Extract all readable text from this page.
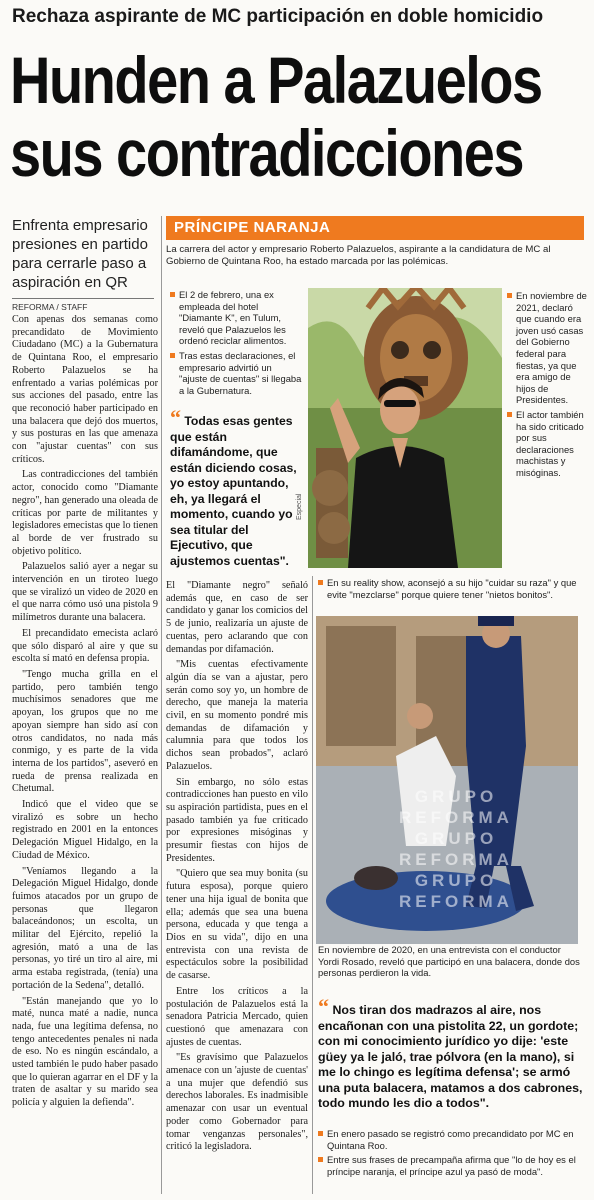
Rechaza aspirante de MC participación en doble homicidio
Hunden a Palazuelos
sus contradicciones
Enfrenta empresario presiones en partido para cerrarle paso a aspiración en QR
REFORMA / STAFF

Con apenas dos semanas como precandidato de Movimiento Ciudadano (MC) a la Gubernatura de Quintana Roo, el empresario Roberto Palazuelos se ha enfrentado a varias polémicas por sus acciones del pasado, entre las que reconoció haber participado en una balacera que dejó dos muertos, y sus posturas en las que amenaza con "ajustar cuentas" con sus críticos.

Las contradicciones del también actor, conocido como "Diamante negro", han generado una oleada de críticas por parte de militantes y legisladores emecistas que lo tienen al borde de ver frustrado su objetivo político.

Palazuelos salió ayer a negar su intervención en un tiroteo luego que se viralizó un video de 2020 en el que narra cómo usó una pistola 9 milímetros durante una balacera.

El precandidato emecista aclaró que sólo disparó al aire y que su escolta sí mató en defensa propia.

"Tengo mucha grilla en el partido, pero también tengo muchísimos senadores que me apoyan, los grupos que no me apoyan siempre han sido así con otros candidatos, no nada más conmigo, y es parte de la vida interna de los partidos", aseveró en rueda de prensa realizada en Chetumal.

Indicó que el video que se viralizó es sobre un hecho registrado en 2001 en la entonces Delegación Miguel Hidalgo, en la Ciudad de México.

"Veníamos llegando a la Delegación Miguel Hidalgo, donde fuimos atacados por un grupo de personas que llegaron balaceándonos; un escolta, un militar del Ejército, repelió la agresión, mató a una de las personas, yo tiré un tiro al aire, mi arma estaba registrada, (tenía) una portación de la Sedena", detalló.

"Están manejando que yo lo maté, nunca maté a nadie, nunca nada, fue una legítima defensa, no tengo antecedentes penales ni nada de eso. No es ningún escándalo, a usted también le pudo haber pasado que lo quieran agarrar en el DF y la traten de asaltar y su marido sea policía y alguien la defienda".

El "Diamante negro" señaló además que, en caso de ser candidato y ganar los comicios del 5 de junio, realizaría un ajuste de cuentas, pero aclarando que con demandas por difamación.

"Mis cuentas efectivamente algún día se van a ajustar, pero serán como soy yo, un hombre de derecho, que maneja la materia civil, en su momento pondré mis demandas de difamación y calumnia para que todos los dichos sean probados", aclaró Palazuelos.

Sin embargo, no sólo estas contradicciones han puesto en vilo su aspiración partidista, pues en el pasado también ya fue criticado por expresiones misóginas y presumir fiestas con hijos de Presidentes.

"Quiero que sea muy bonita (su futura esposa), porque quiero tener una hija igual de bonita que ella; además que sea una buena persona, educada y que tenga a Dios en su vida", dijo en una entrevista con una revista de espectáculos sobre la posibilidad de casarse.

Entre los críticos a la postulación de Palazuelos está la senadora Patricia Mercado, quien cuestionó que amenazara con ajustes de cuentas.

"Es gravísimo que Palazuelos amenace con un 'ajuste de cuentas' a una mujer que defendió sus derechos laborales. Es inadmisible amenazar con usar un eventual poder como Gobernador para tomar venganzas personales", criticó la legisladora.

PRÍNCIPE NARANJA
La carrera del actor y empresario Roberto Palazuelos, aspirante a la candidatura de MC al Gobierno de Quintana Roo, ha estado marcada por las polémicas.
El 2 de febrero, una ex empleada del hotel "Diamante K", en Tulum, reveló que Palazuelos les ordenó reciclar alimentos.
Tras estas declaraciones, el empresario advirtió un "ajuste de cuentas" si llegaba a la Gubernatura.
“ Todas esas gentes que están difamándome, que están diciendo cosas, yo estoy apuntando, eh, ya llegará el momento, cuando yo sea titular del Ejecutivo, que ajustemos cuentas".
Especial
En noviembre de 2021, declaró que cuando era joven usó casas del Gobierno federal para fiestas, ya que era amigo de hijos de Presidentes.
El actor también ha sido criticado por sus declaraciones machistas y misóginas.
En su reality show, aconsejó a su hijo "cuidar su raza" y que evite "mezclarse" porque quiere tener "nietos bonitos".
GRUPO
REFORMA
GRUPO
REFORMA
GRUPO
REFORMA
En noviembre de 2020, en una entrevista con el conductor Yordi Rosado, reveló que participó en una balacera, donde dos personas perdieron la vida.
“ Nos tiran dos madrazos al aire, nos encañonan con una pistolita 22, un gordote; con mi conocimiento jurídico yo dije: 'este güey ya le jaló, trae pólvora (en la mano), si me lo chingo es legítima defensa'; se armó una puta balacera, matamos a dos cabrones, todo mundo les dio a todos".
En enero pasado se registró como precandidato por MC en Quintana Roo.
Entre sus frases de precampaña afirma que "lo de hoy es el príncipe naranja, el príncipe azul ya pasó de moda".
